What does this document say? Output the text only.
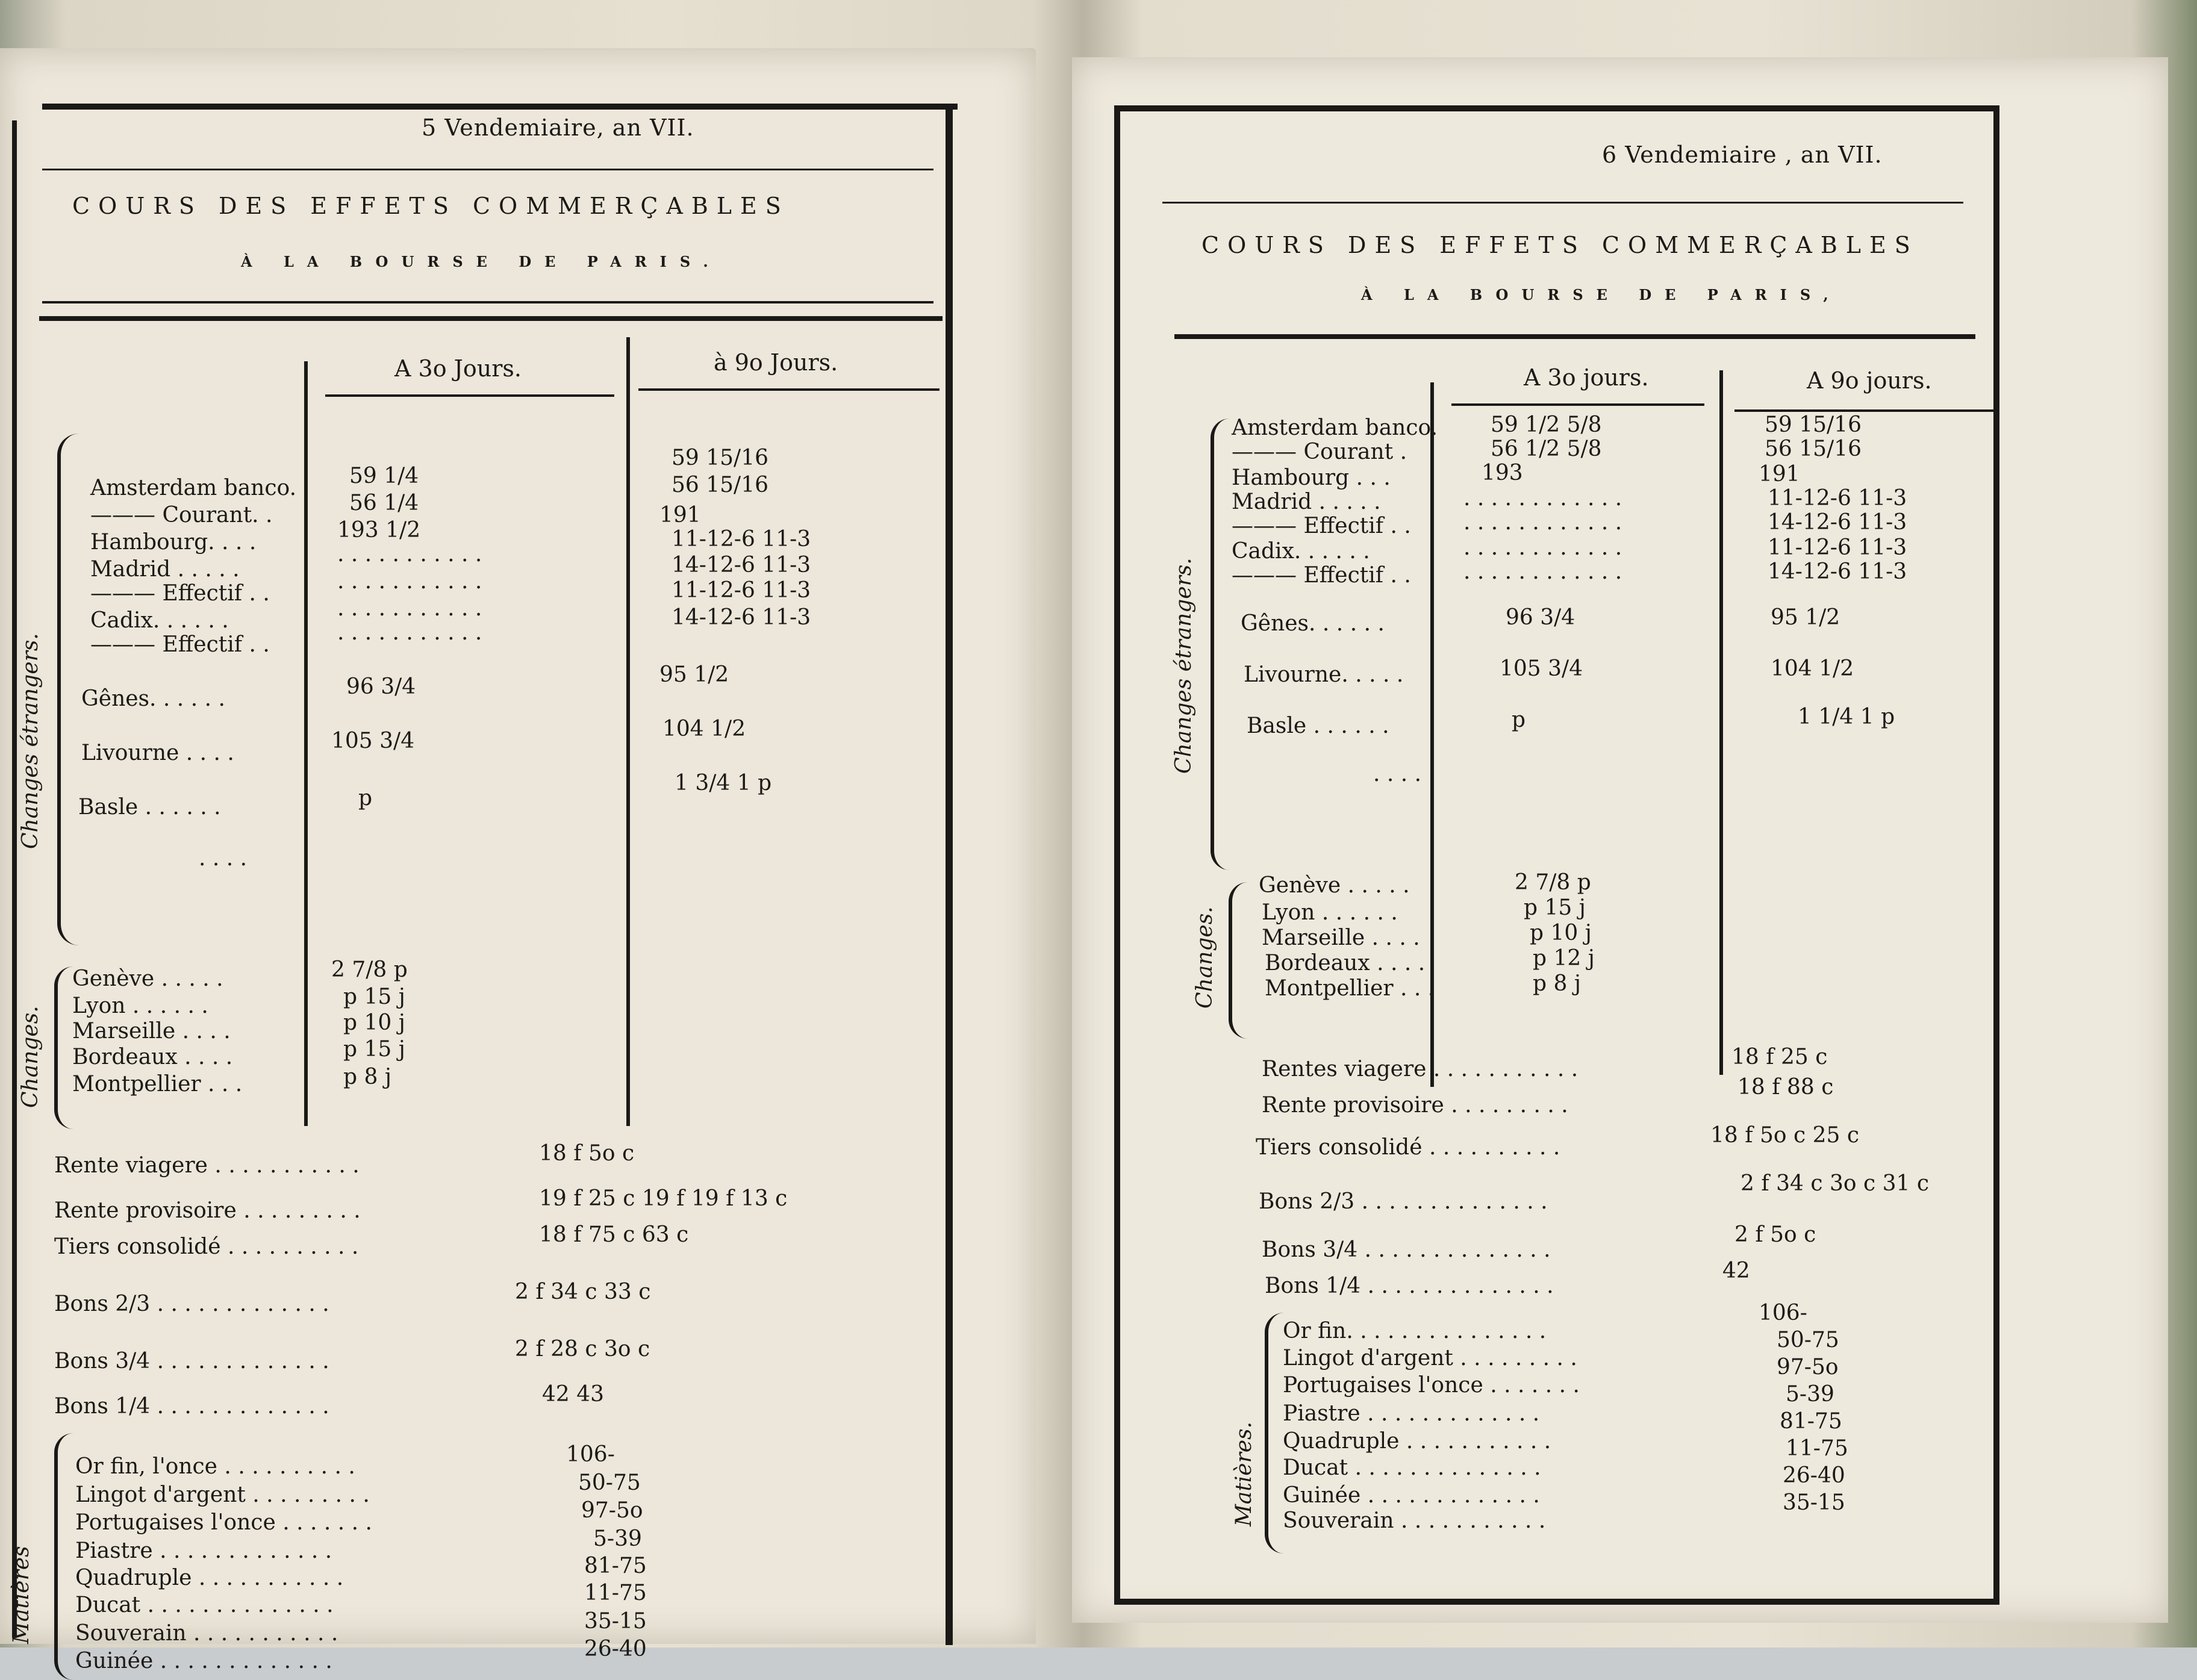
5 Vendemiaire, an VII.
COURS DES EFFETS COMMERÇABLES
À LA BOURSE DE PARIS.
A 3o Jours.	à 9o Jours.
Changes étrangers.
Amsterdam banco.
——— Courant. .
Hambourg. . . .
Madrid . . . . .
——— Effectif . .
Cadix. . . . . .
——— Effectif . .
Gênes. . . . . .
Livourne . . . .
Basle . . . . . .
. . . .
59 1/4
56 1/4
193 1/2
. . . . . . . . . . .
. . . . . . . . . . .
. . . . . . . . . . .
. . . . . . . . . . .
96 3/4
105 3/4
p
59 15/16
56 15/16
191
11-12-6 11-3
14-12-6 11-3
11-12-6 11-3
14-12-6 11-3
95 1/2
104 1/2
1 3/4 1 p
Changes.
Genève . . . . .
Lyon . . . . . .
Marseille . . . .
Bordeaux . . . .
Montpellier . . .
2 7/8 p
p 15 j
p 10 j
p 15 j
p 8 j
Rente viagere . . . . . . . . . . .
Rente provisoire . . . . . . . . .
Tiers consolidé . . . . . . . . . .
Bons 2/3 . . . . . . . . . . . . .
Bons 3/4 . . . . . . . . . . . . .
Bons 1/4 . . . . . . . . . . . . .
18 f 5o c
19 f 25 c 19 f 19 f 13 c
18 f 75 c 63 c
2 f 34 c 33 c
2 f 28 c 3o c
42 43
Matières
Or fin, l'once . . . . . . . . . .
Lingot d'argent . . . . . . . . .
Portugaises l'once . . . . . . .
Piastre . . . . . . . . . . . . .
Quadruple . . . . . . . . . . .
Ducat . . . . . . . . . . . . . .
Souverain . . . . . . . . . . .
Guinée . . . . . . . . . . . . .
106-
50-75
97-5o
5-39
81-75
11-75
35-15
26-40
6 Vendemiaire , an VII.
COURS DES EFFETS COMMERÇABLES
À LA BOURSE DE PARIS,
A 3o jours.	A 9o jours.
Changes étrangers.
Amsterdam banco.
——— Courant .
Hambourg . . .
Madrid . . . . .
——— Effectif . .
Cadix. . . . . .
——— Effectif . .
Gênes. . . . . .
Livourne. . . . .
Basle . . . . . .
. . . .
59 1/2 5/8
56 1/2 5/8
193
. . . . . . . . . . . .
. . . . . . . . . . . .
. . . . . . . . . . . .
. . . . . . . . . . . .
96 3/4
105 3/4
p
59 15/16
56 15/16
191
11-12-6 11-3
14-12-6 11-3
11-12-6 11-3
14-12-6 11-3
95 1/2
104 1/2
1 1/4 1 p
Changes.
Genève . . . . .
Lyon . . . . . .
Marseille . . . .
Bordeaux . . . .
Montpellier . . .
2 7/8 p
p 15 j
p 10 j
p 12 j
p 8 j
Rentes viagere . . . . . . . . . . .
Rente provisoire . . . . . . . . .
Tiers consolidé . . . . . . . . . .
Bons 2/3 . . . . . . . . . . . . . .
Bons 3/4 . . . . . . . . . . . . . .
Bons 1/4 . . . . . . . . . . . . . .
18 f 25 c
18 f 88 c
18 f 5o c 25 c
2 f 34 c 3o c 31 c
2 f 5o c
42
Matières.
Or fin. . . . . . . . . . . . . . .
Lingot d'argent . . . . . . . . .
Portugaises l'once . . . . . . .
Piastre . . . . . . . . . . . . .
Quadruple . . . . . . . . . . .
Ducat . . . . . . . . . . . . . .
Guinée . . . . . . . . . . . . .
Souverain . . . . . . . . . . .
106-
50-75
97-5o
5-39
81-75
11-75
26-40
35-15
